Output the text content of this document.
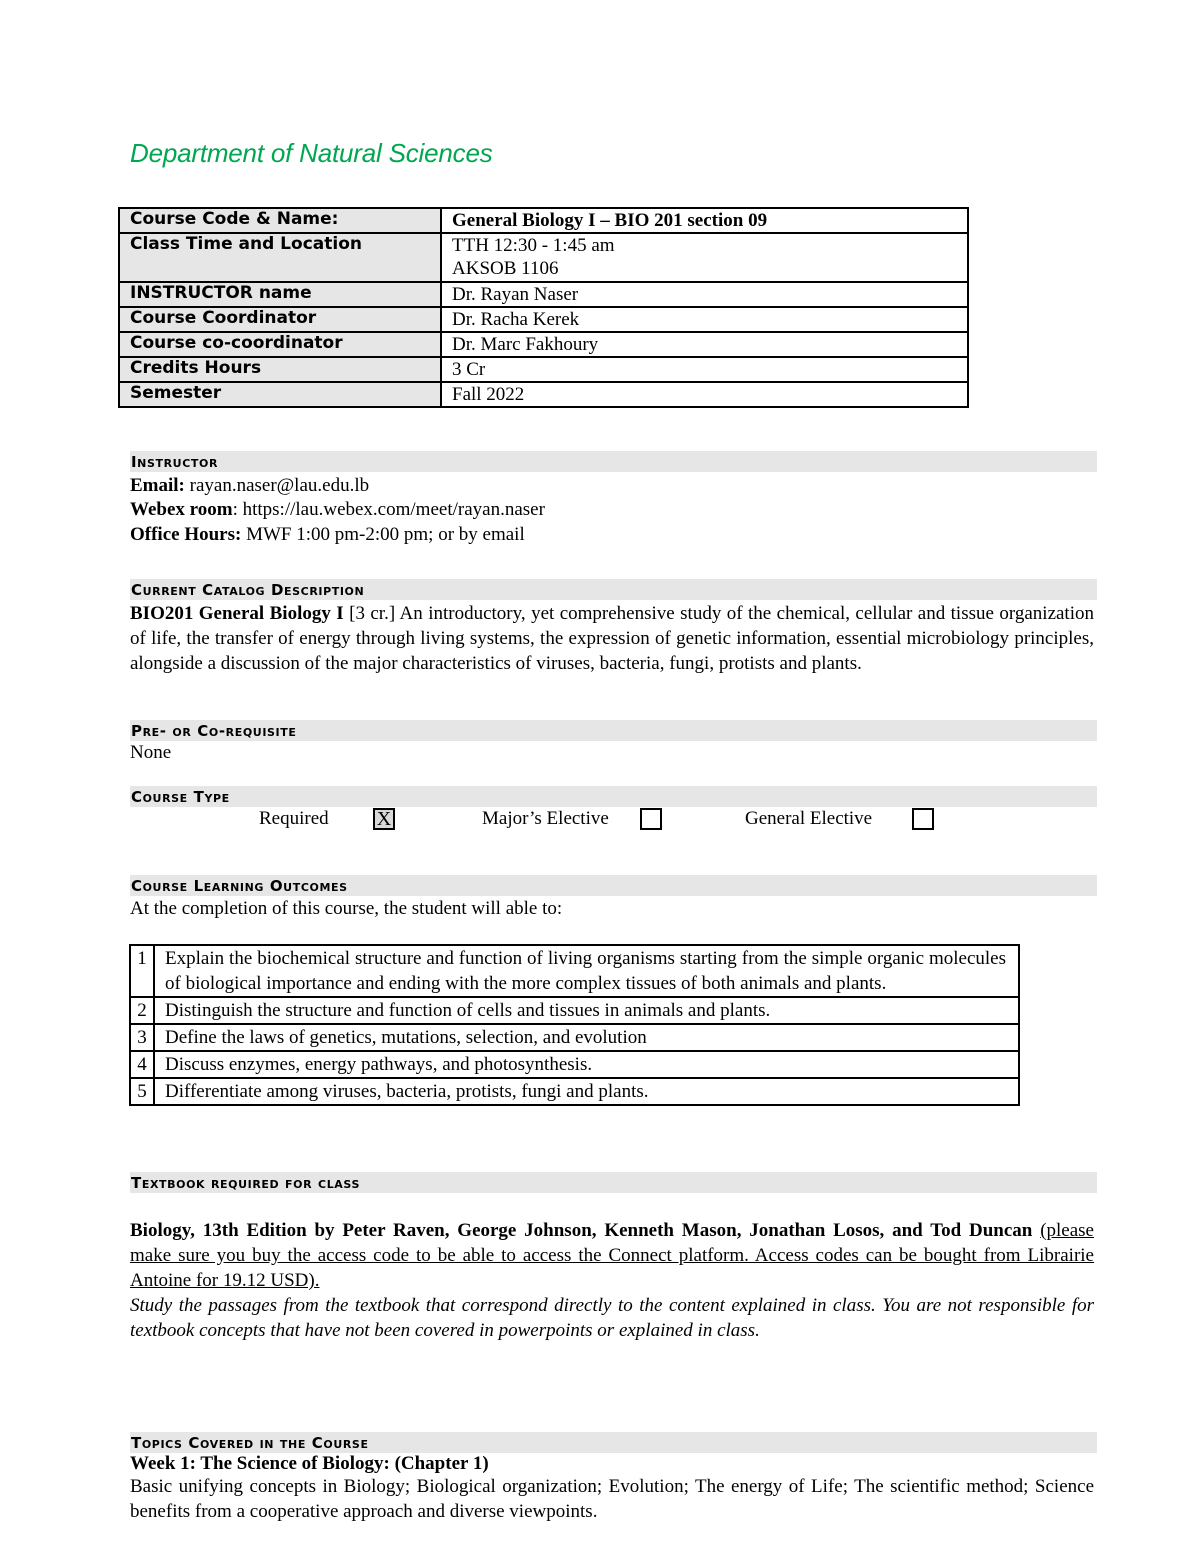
Department of Natural Sciences
Course Code & Name:	General Biology I – BIO 201 section 09
Class Time and Location	TTH 12:30 - 1:45 am
AKSOB 1106

INSTRUCTOR name	Dr. Rayan Naser
Course Coordinator	Dr. Racha Kerek
Course co-coordinator	Dr. Marc Fakhoury
Credits Hours	3 Cr
Semester	Fall 2022
Instructor
Email: rayan.naser@lau.edu.lb
Webex room: https://lau.webex.com/meet/rayan.naser
Office Hours: MWF 1:00 pm-2:00 pm; or by email
Current Catalog Description
BIO201 General Biology I [3 cr.] An introductory, yet comprehensive study of the chemical, cellular and tissue organization of life, the transfer of energy through living systems, the expression of genetic information, essential microbiology principles, alongside a discussion of the major characteristics of viruses, bacteria, fungi, protists and plants.
Pre- or Co-requisite
None
Course Type
Required X	Major’s Elective	General Elective
Course Learning Outcomes
At the completion of this course, the student will able to:
1	Explain the biochemical structure and function of living organisms starting from the simple organic molecules of biological importance and ending with the more complex tissues of both animals and plants.
2	Distinguish the structure and function of cells and tissues in animals and plants.
3	Define the laws of genetics, mutations, selection, and evolution
4	Discuss enzymes, energy pathways, and photosynthesis.
5	Differentiate among viruses, bacteria, protists, fungi and plants.
Textbook required for class
Biology, 13th Edition by Peter Raven, George Johnson, Kenneth Mason, Jonathan Losos, and Tod Duncan (please make sure you buy the access code to be able to access the Connect platform. Access codes can be bought from Librairie Antoine for 19.12 USD).
Study the passages from the textbook that correspond directly to the content explained in class. You are not responsible for textbook concepts that have not been covered in powerpoints or explained in class.
Topics Covered in the Course
Week 1: The Science of Biology: (Chapter 1)
Basic unifying concepts in Biology; Biological organization; Evolution; The energy of Life; The scientific method; Science benefits from a cooperative approach and diverse viewpoints.
